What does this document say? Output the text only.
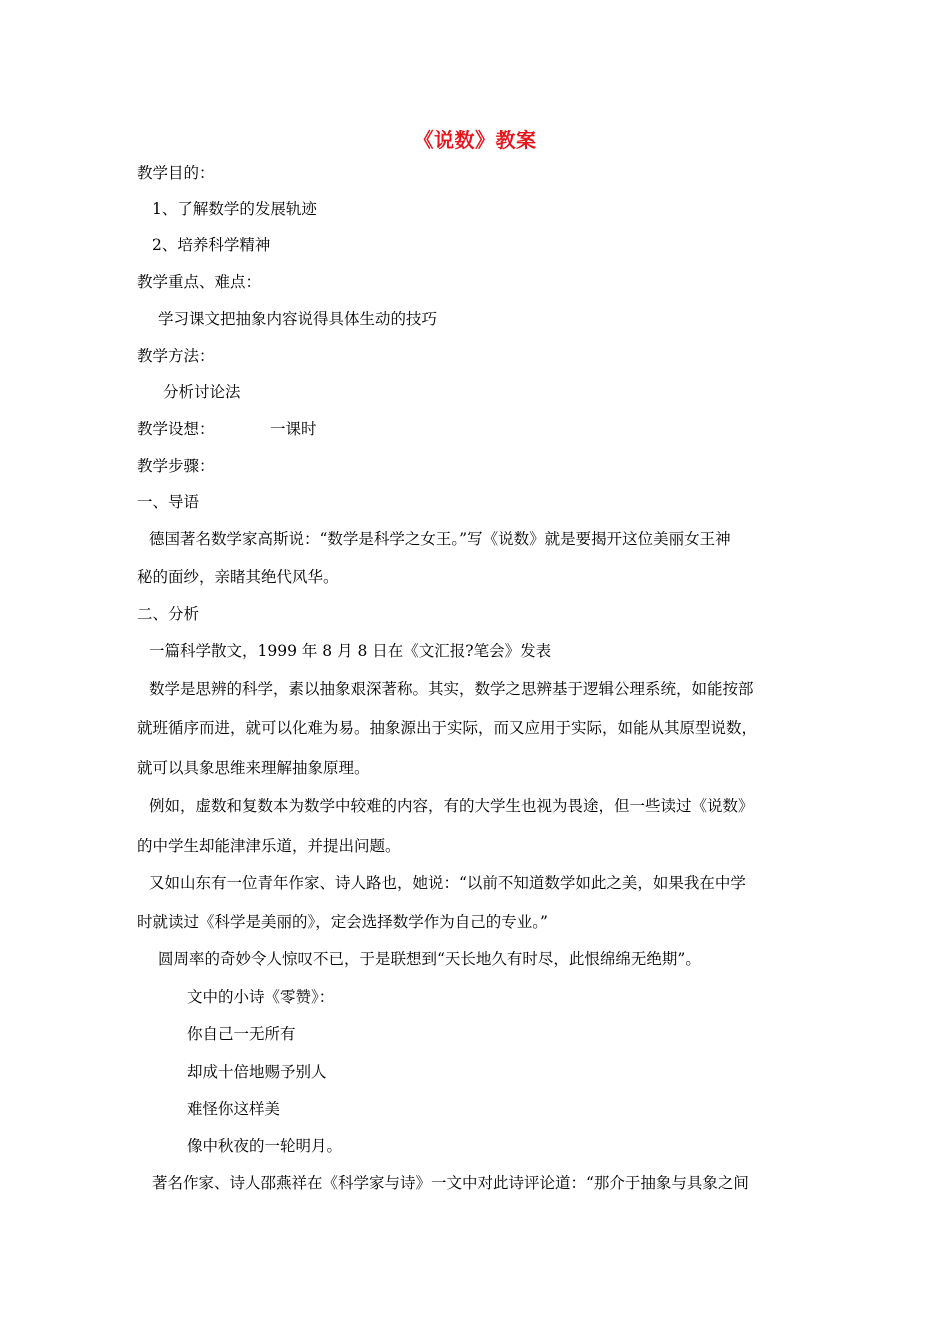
《说数》教案
教学目的：
1、了解数学的发展轨迹
2、培养科学精神
教学重点、难点：
学习课文把抽象内容说得具体生动的技巧
教学方法：
分析讨论法
教学设想：	一课时
教学步骤：
一、导语
德国著名数学家高斯说：“数学是科学之女王。”写《说数》就是要揭开这位美丽女王神
秘的面纱，亲睹其绝代风华。
二、分析
一篇科学散文，1999 年 8 月 8 日在《文汇报?笔会》发表
数学是思辨的科学，素以抽象艰深著称。其实，数学之思辨基于逻辑公理系统，如能按部
就班循序而进，就可以化难为易。抽象源出于实际，而又应用于实际，如能从其原型说数，
就可以具象思维来理解抽象原理。
例如，虚数和复数本为数学中较难的内容，有的大学生也视为畏途，但一些读过《说数》
的中学生却能津津乐道，并提出问题。
又如山东有一位青年作家、诗人路也，她说：“以前不知道数学如此之美，如果我在中学
时就读过《科学是美丽的》，定会选择数学作为自己的专业。”
圆周率的奇妙令人惊叹不已，于是联想到“天长地久有时尽，此恨绵绵无绝期”。
文中的小诗《零赞》：
你自己一无所有
却成十倍地赐予别人
难怪你这样美
像中秋夜的一轮明月。
著名作家、诗人邵燕祥在《科学家与诗》一文中对此诗评论道：“那介于抽象与具象之间
